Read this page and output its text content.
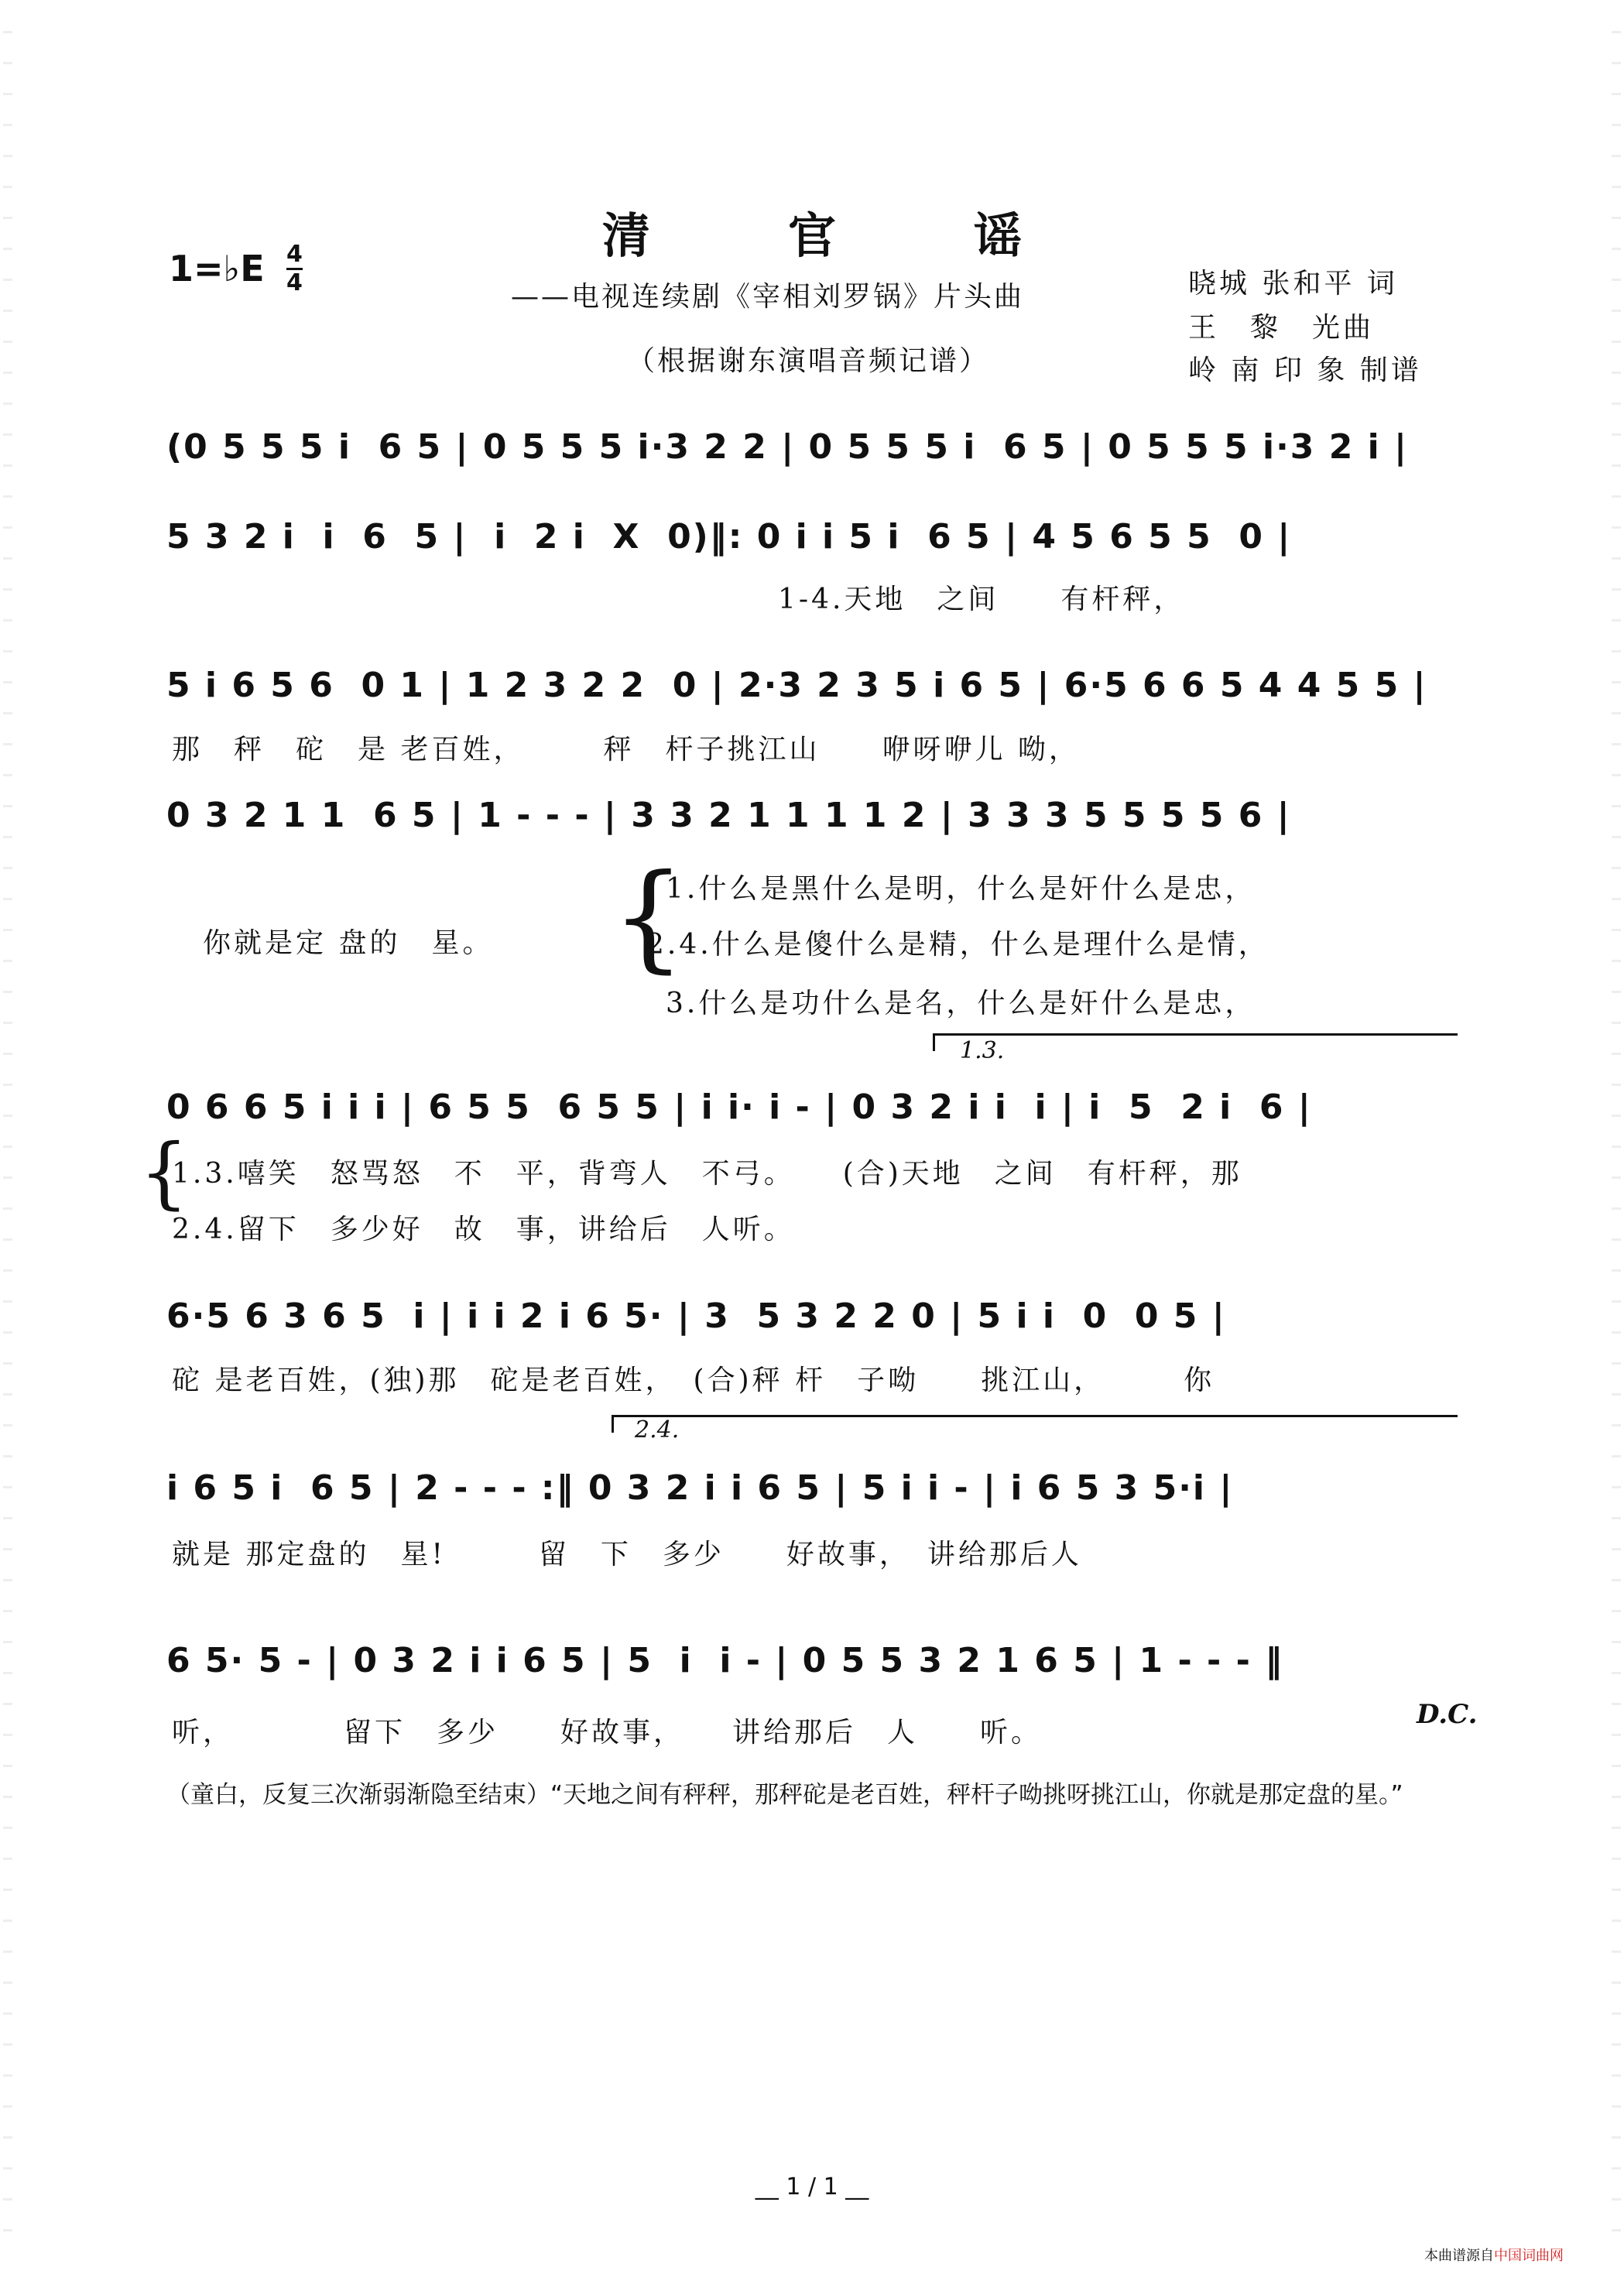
清　官　谣
——电视连续剧《宰相刘罗锅》片头曲
（根据谢东演唱音频记谱）
1=♭E 4
4	晓城 张和平 词
王　黎　光曲
岭 南 印 象 制谱
(0 5 5 5 i  6 5 | 0 5 5 5 i·3 2 2 | 0 5 5 5 i  6 5 | 0 5 5 5 i·3 2 i |
5 3 2 i  i  6  5 |  i  2 i  X  0)‖: 0 i i 5 i  6 5 | 4 5 6 5 5  0 |
1-4.天地　之间　　有杆秤，
5 i 6 5 6  0 1 | 1 2 3 2 2  0 | 2·3 2 3 5 i 6 5 | 6·5 6 6 5 4 4 5 5 |
那　秤　砣　是 老百姓，　　　秤　杆子挑江山　　咿呀咿儿 呦，
0 3 2 1 1  6 5 | 1 - - - | 3 3 2 1 1 1 1 2 | 3 3 3 5 5 5 5 6 |
　你就是定 盘的　星。 {
1.什么是黑什么是明，什么是奸什么是忠，
2.4.什么是傻什么是精，什么是理什么是情，
3.什么是功什么是名，什么是奸什么是忠，
1.3.
0 6 6 5 i i i | 6 5 5  6 5 5 | i i· i - | 0 3 2 i i  i | i  5  2 i  6 |
{
1.3.嘻笑　怒骂怒　不　平，背弯人　不弓。　　(合)天地　之间　有杆秤，那
2.4.留下　多少好　故　事，讲给后　人听。
6·5 6 3 6 5  i | i i 2 i 6 5· | 3  5 3 2 2 0 | 5 i i  0  0 5 |
砣 是老百姓，(独)那　砣是老百姓，　(合)秤 杆　子呦　　挑江山，　　　你
2.4.
i 6 5 i  6 5 | 2 - - - :‖ 0 3 2 i i 6 5 | 5 i i - | i 6 5 3 5·i |
就是 那定盘的　星!　　　留　下　多少　　好故事，　讲给那后人
6 5· 5 - | 0 3 2 i i 6 5 | 5  i  i - | 0 5 5 3 2 1 6 5 | 1 - - - ‖
听，　　　　留下　多少　　好故事，　　讲给那后　人　　听。
D.C.
（童白，反复三次渐弱渐隐至结束）“天地之间有秤秤，那秤砣是老百姓，秤杆子呦挑呀挑江山，你就是那定盘的星。”
__ 1 / 1 __
本曲谱源自中国词曲网
